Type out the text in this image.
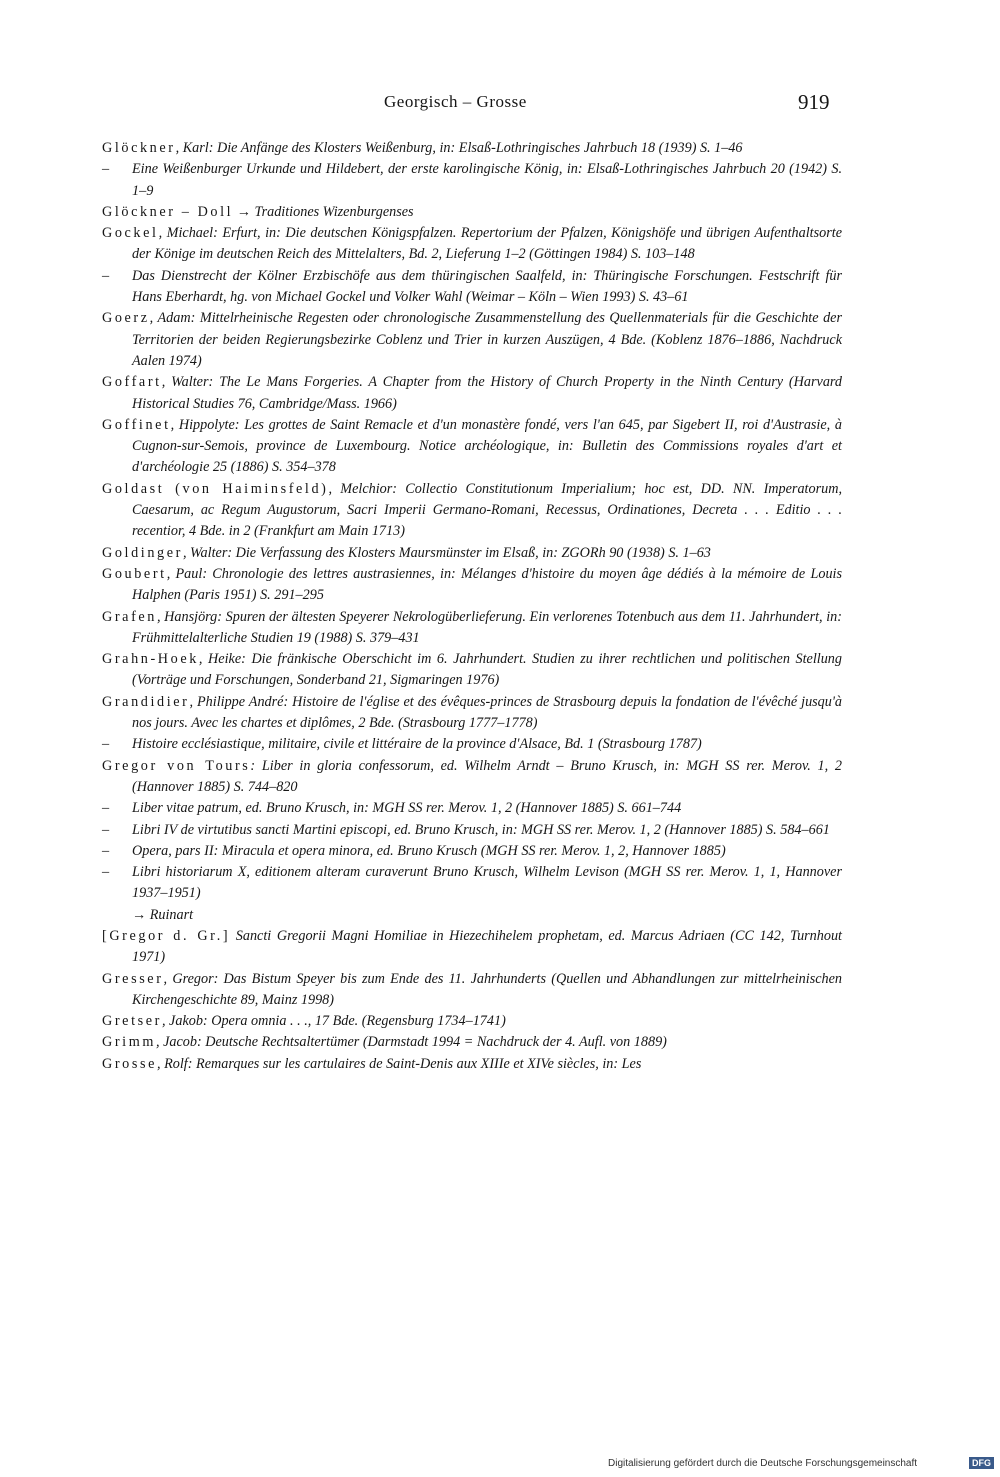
Georgisch – Grosse	919
Glöckner, Karl: Die Anfänge des Klosters Weißenburg, in: Elsaß-Lothringisches Jahrbuch 18 (1939) S. 1–46
– Eine Weißenburger Urkunde und Hildebert, der erste karolingische König, in: Elsaß-Lothringisches Jahrbuch 20 (1942) S. 1–9
Glöckner – Doll → Traditiones Wizenburgenses
Gockel, Michael: Erfurt, in: Die deutschen Königspfalzen. Repertorium der Pfalzen, Königshöfe und übrigen Aufenthaltsorte der Könige im deutschen Reich des Mittelalters, Bd. 2, Lieferung 1–2 (Göttingen 1984) S. 103–148
– Das Dienstrecht der Kölner Erzbischöfe aus dem thüringischen Saalfeld, in: Thüringische Forschungen. Festschrift für Hans Eberhardt, hg. von Michael Gockel und Volker Wahl (Weimar – Köln – Wien 1993) S. 43–61
Goerz, Adam: Mittelrheinische Regesten oder chronologische Zusammenstellung des Quellenmaterials für die Geschichte der Territorien der beiden Regierungsbezirke Coblenz und Trier in kurzen Auszügen, 4 Bde. (Koblenz 1876–1886, Nachdruck Aalen 1974)
Goffart, Walter: The Le Mans Forgeries. A Chapter from the History of Church Property in the Ninth Century (Harvard Historical Studies 76, Cambridge/Mass. 1966)
Goffinet, Hippolyte: Les grottes de Saint Remacle et d'un monastère fondé, vers l'an 645, par Sigebert II, roi d'Austrasie, à Cugnon-sur-Semois, province de Luxembourg. Notice archéologique, in: Bulletin des Commissions royales d'art et d'archéologie 25 (1886) S. 354–378
Goldast (von Haiminsfeld), Melchior: Collectio Constitutionum Imperialium; hoc est, DD. NN. Imperatorum, Caesarum, ac Regum Augustorum, Sacri Imperii Germano-Romani, Recessus, Ordinationes, Decreta . . . Editio . . . recentior, 4 Bde. in 2 (Frankfurt am Main 1713)
Goldinger, Walter: Die Verfassung des Klosters Maursmünster im Elsaß, in: ZGORh 90 (1938) S. 1–63
Goubert, Paul: Chronologie des lettres austrasiennes, in: Mélanges d'histoire du moyen âge dédiés à la mémoire de Louis Halphen (Paris 1951) S. 291–295
Grafen, Hansjörg: Spuren der ältesten Speyerer Nekrologüberlieferung. Ein verlorenes Totenbuch aus dem 11. Jahrhundert, in: Frühmittelalterliche Studien 19 (1988) S. 379–431
Grahn-Hoek, Heike: Die fränkische Oberschicht im 6. Jahrhundert. Studien zu ihrer rechtlichen und politischen Stellung (Vorträge und Forschungen, Sonderband 21, Sigmaringen 1976)
Grandidier, Philippe André: Histoire de l'église et des évêques-princes de Strasbourg depuis la fondation de l'évêché jusqu'à nos jours. Avec les chartes et diplômes, 2 Bde. (Strasbourg 1777–1778)
– Histoire ecclésiastique, militaire, civile et littéraire de la province d'Alsace, Bd. 1 (Strasbourg 1787)
Gregor von Tours: Liber in gloria confessorum, ed. Wilhelm Arndt – Bruno Krusch, in: MGH SS rer. Merov. 1, 2 (Hannover 1885) S. 744–820
– Liber vitae patrum, ed. Bruno Krusch, in: MGH SS rer. Merov. 1, 2 (Hannover 1885) S. 661–744
– Libri IV de virtutibus sancti Martini episcopi, ed. Bruno Krusch, in: MGH SS rer. Merov. 1, 2 (Hannover 1885) S. 584–661
– Opera, pars II: Miracula et opera minora, ed. Bruno Krusch (MGH SS rer. Merov. 1, 2, Hannover 1885)
– Libri historiarum X, editionem alteram curaverunt Bruno Krusch, Wilhelm Levison (MGH SS rer. Merov. 1, 1, Hannover 1937–1951)
→ Ruinart
[Gregor d. Gr.] Sancti Gregorii Magni Homiliae in Hiezechihelem prophetam, ed. Marcus Adriaen (CC 142, Turnhout 1971)
Gresser, Gregor: Das Bistum Speyer bis zum Ende des 11. Jahrhunderts (Quellen und Abhandlungen zur mittelrheinischen Kirchengeschichte 89, Mainz 1998)
Gretser, Jakob: Opera omnia . . ., 17 Bde. (Regensburg 1734–1741)
Grimm, Jacob: Deutsche Rechtsaltertümer (Darmstadt 1994 = Nachdruck der 4. Aufl. von 1889)
Grosse, Rolf: Remarques sur les cartulaires de Saint-Denis aux XIIIe et XIVe siècles, in: Les
Digitalisierung gefördert durch die Deutsche Forschungsgemeinschaft	DFG
